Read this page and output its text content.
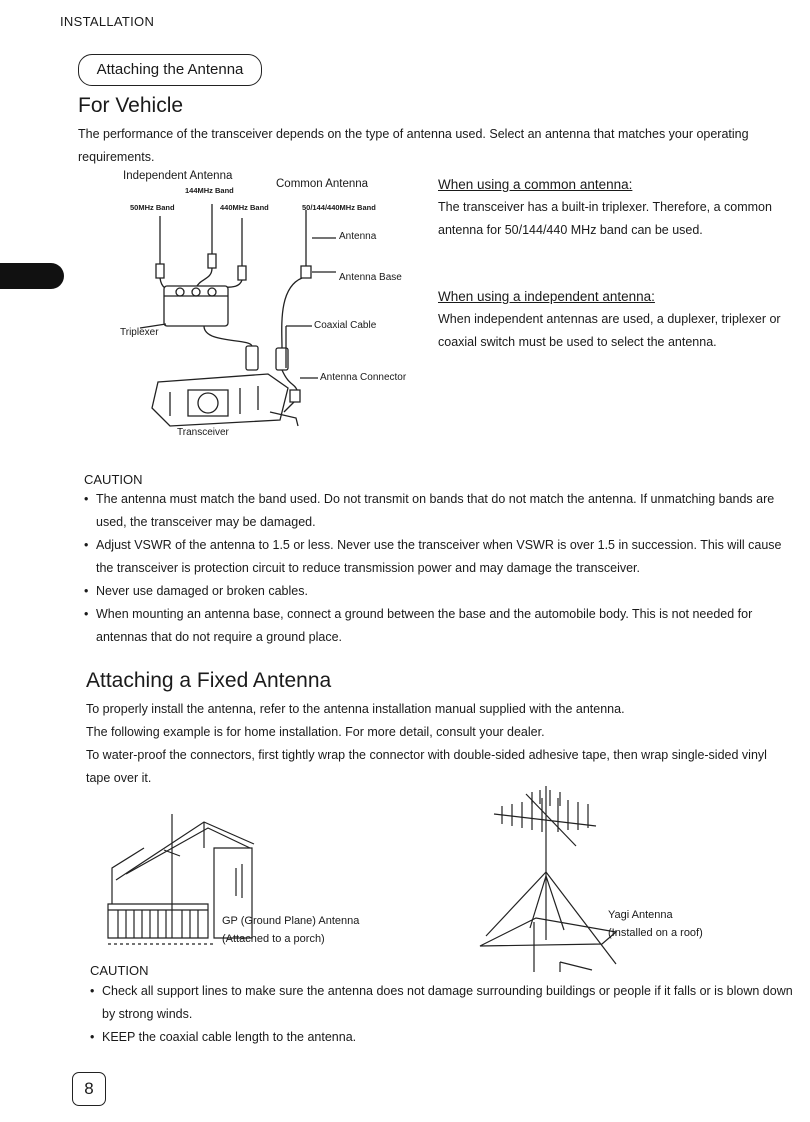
INSTALLATION
Attaching the Antenna
For Vehicle

The performance of the transceiver depends on the type of antenna used. Select an antenna that matches your operating requirements.

Independent Antenna
144MHz Band
50MHz Band	440MHz Band
Common Antenna
50/144/440MHz Band
Antenna
Antenna Base
Triplexer
Coaxial Cable
Antenna Connector
Transceiver
When using a common antenna:
The transceiver has a built-in triplexer. Therefore, a common antenna for 50/144/440 MHz band can be used.
When using a independent antenna:
When independent antennas are used, a duplexer, triplexer or coaxial switch must be used to select the antenna.
CAUTION
• The antenna must match the band used. Do not transmit on bands that do not match the antenna. If unmatching bands are used, the transceiver may be damaged.
• Adjust VSWR of the antenna to 1.5 or less. Never use the transceiver when VSWR is over 1.5 in succession. This will cause the transceiver is protection circuit to reduce transmission power and may damage the transceiver.
• Never use damaged or broken cables.
• When mounting an antenna base, connect a ground between the base and the automobile body. This is not needed for antennas that do not require a ground place.
Attaching a Fixed Antenna
To properly install the antenna, refer to the antenna installation manual supplied with the antenna.
The following example is for home installation. For more detail, consult your dealer.
To water-proof the connectors, first tightly wrap the connector with double-sided adhesive tape, then wrap single-sided vinyl tape over it.
GP (Ground Plane) Antenna
(Attached to a porch)
Yagi Antenna
(Installed on a roof)
CAUTION
• Check all support lines to make sure the antenna does not damage surrounding buildings or people if it falls or is blown down by strong winds.
• KEEP the coaxial cable length to the antenna.
8
